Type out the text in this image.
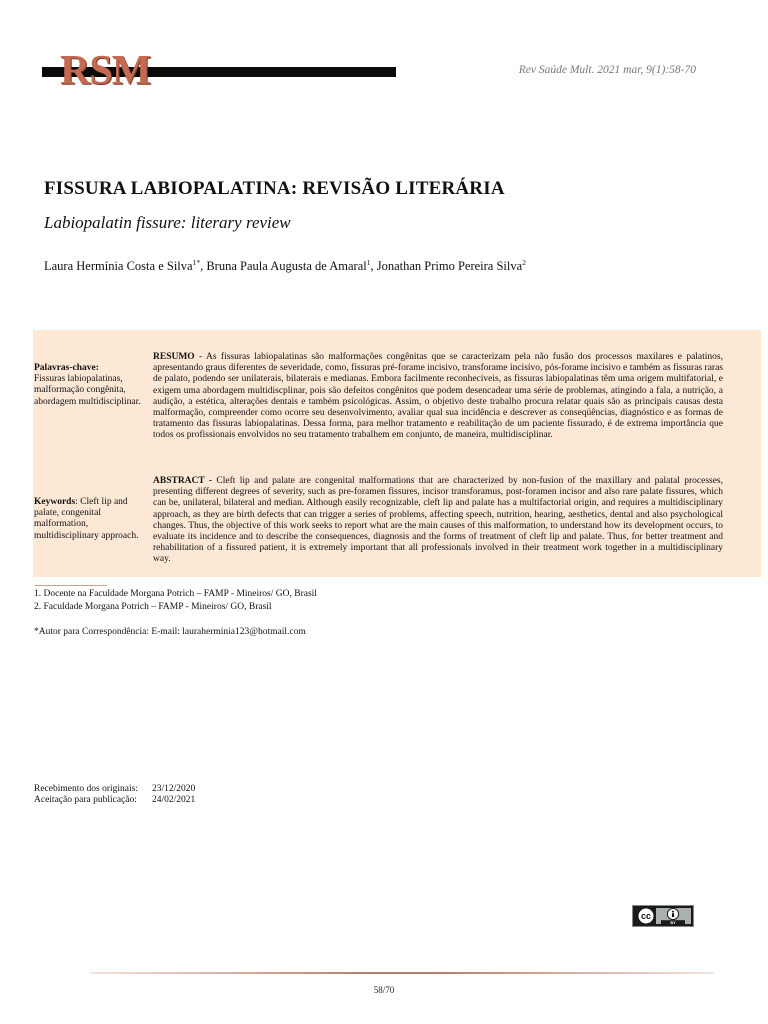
RSM	Rev Saúde Mult. 2021 mar, 9(1):58-70
FISSURA LABIOPALATINA: REVISÃO LITERÁRIA
Labiopalatin fissure: literary review
Laura Hermínia Costa e Silva$^{1*}$, Bruna Paula Augusta de Amaral$^1$, Jonathan Primo Pereira Silva$^2$
Palavras-chave:
Fissuras labiopalatinas, malformação congênita, abordagem multidisciplinar.
Keywords: Cleft lip and palate, congenital malformation, multidisciplinary approach.
RESUMO - As fissuras labiopalatinas são malformações congênitas que se caracterizam pela não fusão dos processos maxilares e palatinos, apresentando graus diferentes de severidade, como, fissuras pré-forame incisivo, transforame incisivo, pós-forame incisivo e também as fissuras raras de palato, podendo ser unilaterais, bilaterais e medianas. Embora facilmente reconhecíveis, as fissuras labiopalatinas têm uma origem multifatorial, e exigem uma abordagem multidiscplinar, pois são defeitos congênitos que podem desencadear uma série de problemas, atingindo a fala, a nutrição, a audição, a estética, alterações dentais e também psicológicas. Assim, o objetivo deste trabalho procura relatar quais são as principais causas desta malformação, compreender como ocorre seu desenvolvimento, avaliar qual sua incidência e descrever as conseqüências, diagnóstico e as formas de tratamento das fissuras labiopalatinas. Dessa forma, para melhor tratamento e reabilitação de um paciente fissurado, é de extrema importância que todos os profissionais envolvidos no seu tratamento trabalhem em conjunto, de maneira, multidisciplinar.
ABSTRACT - Cleft lip and palate are congenital malformations that are characterized by non-fusion of the maxillary and palatal processes, presenting different degrees of severity, such as pre-foramen fissures, incisor transforamus, post-foramen incisor and also rare palate fissures, which can be, unilateral, bilateral and median. Although easily recognizable, cleft lip and palate has a multifactorial origin, and requires a multidisciplinary approach, as they are birth defects that can trigger a series of problems, affecting speech, nutrition, hearing, aesthetics, dental and also psychological changes. Thus, the objective of this work seeks to report what are the main causes of this malformation, to understand how its development occurs, to evaluate its incidence and to describe the consequences, diagnosis and the forms of treatment of cleft lip and palate. Thus, for better treatment and rehabilitation of a fissured patient, it is extremely important that all professionals involved in their treatment work together in a multidisciplinary way.
1. Docente na Faculdade Morgana Potrich – FAMP - Mineiros/ GO, Brasil
2. Faculdade Morgana Potrich – FAMP - Mineiros/ GO, Brasil
*Autor para Correspondência: E-mail: lauraherminia123@hotmail.com
Recebimento dos originais: 23/12/2020
Aceitação para publicação: 24/02/2021
cc
BY
58/70
